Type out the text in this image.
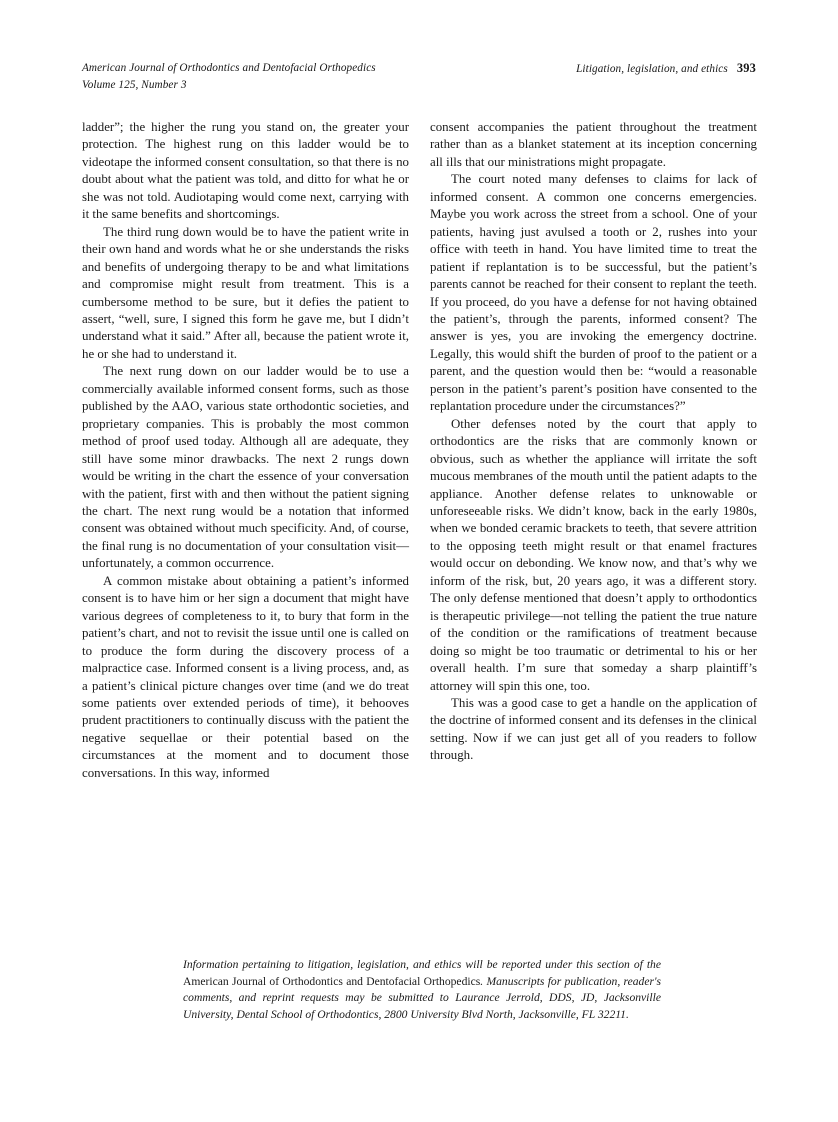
American Journal of Orthodontics and Dentofacial Orthopedics
Volume 125, Number 3
Litigation, legislation, and ethics 393

ladder”; the higher the rung you stand on, the greater your protection. The highest rung on this ladder would be to videotape the informed consent consultation, so that there is no doubt about what the patient was told, and ditto for what he or she was not told. Audiotaping would come next, carrying with it the same benefits and shortcomings.

The third rung down would be to have the patient write in their own hand and words what he or she understands the risks and benefits of undergoing therapy to be and what limitations and compromise might result from treatment. This is a cumbersome method to be sure, but it defies the patient to assert, “well, sure, I signed this form he gave me, but I didn’t understand what it said.” After all, because the patient wrote it, he or she had to understand it.

The next rung down on our ladder would be to use a commercially available informed consent forms, such as those published by the AAO, various state orthodontic societies, and proprietary companies. This is probably the most common method of proof used today. Although all are adequate, they still have some minor drawbacks. The next 2 rungs down would be writing in the chart the essence of your conversation with the patient, first with and then without the patient signing the chart. The next rung would be a notation that informed consent was obtained without much specificity. And, of course, the final rung is no documentation of your consultation visit—unfortunately, a common occurrence.

A common mistake about obtaining a patient’s informed consent is to have him or her sign a document that might have various degrees of completeness to it, to bury that form in the patient’s chart, and not to revisit the issue until one is called on to produce the form during the discovery process of a malpractice case. Informed consent is a living process, and, as a patient’s clinical picture changes over time (and we do treat some patients over extended periods of time), it behooves prudent practitioners to continually discuss with the patient the negative sequellae or their potential based on the circumstances at the moment and to document those conversations. In this way, informed

consent accompanies the patient throughout the treatment rather than as a blanket statement at its inception concerning all ills that our ministrations might propagate.

The court noted many defenses to claims for lack of informed consent. A common one concerns emergencies. Maybe you work across the street from a school. One of your patients, having just avulsed a tooth or 2, rushes into your office with teeth in hand. You have limited time to treat the patient if replantation is to be successful, but the patient’s parents cannot be reached for their consent to replant the teeth. If you proceed, do you have a defense for not having obtained the patient’s, through the parents, informed consent? The answer is yes, you are invoking the emergency doctrine. Legally, this would shift the burden of proof to the patient or a parent, and the question would then be: “would a reasonable person in the patient’s parent’s position have consented to the replantation procedure under the circumstances?”

Other defenses noted by the court that apply to orthodontics are the risks that are commonly known or obvious, such as whether the appliance will irritate the soft mucous membranes of the mouth until the patient adapts to the appliance. Another defense relates to unknowable or unforeseeable risks. We didn’t know, back in the early 1980s, when we bonded ceramic brackets to teeth, that severe attrition to the opposing teeth might result or that enamel fractures would occur on debonding. We know now, and that’s why we inform of the risk, but, 20 years ago, it was a different story. The only defense mentioned that doesn’t apply to orthodontics is therapeutic privilege—not telling the patient the true nature of the condition or the ramifications of treatment because doing so might be too traumatic or detrimental to his or her overall health. I’m sure that someday a sharp plaintiff’s attorney will spin this one, too.

This was a good case to get a handle on the application of the doctrine of informed consent and its defenses in the clinical setting. Now if we can just get all of you readers to follow through.

Information pertaining to litigation, legislation, and ethics will be reported under this section of the American Journal of Orthodontics and Dentofacial Orthopedics. Manuscripts for publication, reader's comments, and reprint requests may be submitted to Laurance Jerrold, DDS, JD, Jacksonville University, Dental School of Orthodontics, 2800 University Blvd North, Jacksonville, FL 32211.
